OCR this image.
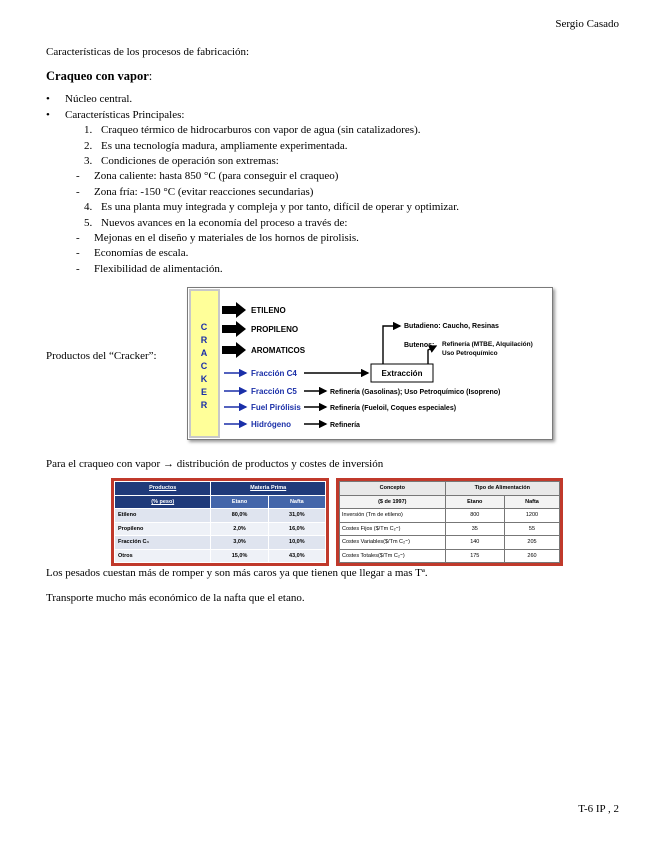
Sergio Casado
Características de los procesos de fabricación:
Craqueo con vapor:
• Núcleo central.
• Características Principales:
1. Craqueo térmico de hidrocarburos con vapor de agua (sin catalizadores).
2. Es una tecnología madura, ampliamente experimentada.
3. Condiciones de operación son extremas:
- Zona caliente: hasta 850 °C (para conseguir el craqueo)
- Zona fría: -150 °C (evitar reacciones secundarias)
4. Es una planta muy integrada y compleja y por tanto, difícil de operar y optimizar.
5. Nuevos avances en la economía del proceso a través de:
- Mejonas en el diseño y materiales de los hornos de pirolisis.
- Economías de escala.
- Flexibilidad de alimentación.
Productos del “Cracker”:
C
R
A
C
K
E
R
ETILENO
PROPILENO
AROMATICOS
Fracción C4
Fracción C5
Fuel Pirólisis
Hidrógeno
Extracción
Butadieno: Caucho, Resinas
Butenos: Refinería (MTBE, Alquilación)
Uso Petroquímico
Refinería (Gasolinas); Uso Petroquímico (Isopreno)
Refinería (Fueloil, Coques especiales)
Refinería
Para el craqueo con vapor → distribución de productos y costes de inversión
Productos	Materia Prima	
(% peso)	Etano	Nafta
Etileno	80,0%	31,0%
Propileno	2,0%	16,0%
Fracción C₄	3,0%	10,0%
Otros	15,0%	43,0%
Concepto	Tipo de Alimentación	
($ de 1997)	Etano	Nafta
Inversión (Tm de etileno)	800	1200
Costes Fijos ($/Tm C₂⁼)	35	55
Costes Variables($/Tm C₂⁼)	140	205
Costes Totales($/Tm C₂⁼)	175	260
Los pesados cuestan más de romper y son más caros ya que tienen que llegar a mas Tª.
Transporte mucho más económico de la nafta que el etano.
T-6 IP , 2
